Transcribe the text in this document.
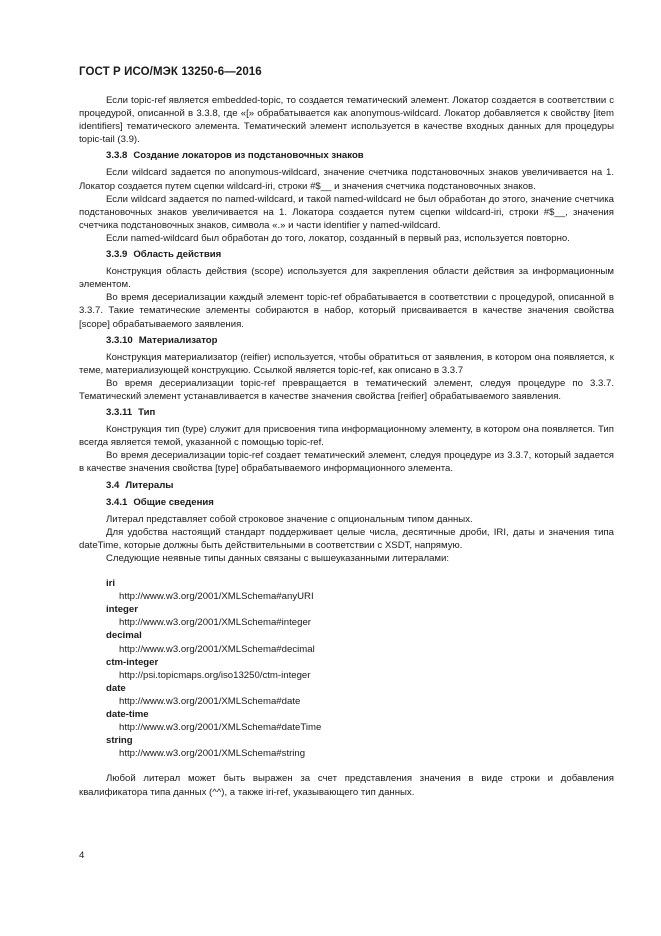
ГОСТ Р ИСО/МЭК 13250-6—2016

Если topic-ref является embedded-topic, то создается тематический элемент. Локатор создается в соответствии с процедурой, описанной в 3.3.8, где «[» обрабатывается как anonymous-wildcard. Локатор добавляется к свойству [item identifiers] тематического элемента. Тематический элемент используется в качестве входных данных для процедуры topic-tail (3.9).

3.3.8 Создание локаторов из подстановочных знаков

Если wildcard задается по anonymous-wildcard, значение счетчика подстановочных знаков увеличивается на 1. Локатор создается путем сцепки wildcard-iri, строки #$__ и значения счетчика подстановочных знаков.

Если wildcard задается по named-wildcard, и такой named-wildcard не был обработан до этого, значение счетчика подстановочных знаков увеличивается на 1. Локатора создается путем сцепки wildcard-iri, строки #$__, значения счетчика подстановочных знаков, символа «.» и части identifier у named-wildcard.

Если named-wildcard был обработан до того, локатор, созданный в первый раз, используется повторно.

3.3.9 Область действия

Конструкция область действия (scope) используется для закрепления области действия за информационным элементом.

Во время десериализации каждый элемент topic-ref обрабатывается в соответствии с процедурой, описанной в 3.3.7. Такие тематические элементы собираются в набор, который присваивается в качестве значения свойства [scope] обрабатываемого заявления.

3.3.10 Материализатор

Конструкция материализатор (reifier) используется, чтобы обратиться от заявления, в котором она появляется, к теме, материализующей конструкцию. Ссылкой является topic-ref, как описано в 3.3.7

Во время десериализации topic-ref превращается в тематический элемент, следуя процедуре по 3.3.7. Тематический элемент устанавливается в качестве значения свойства [reifier] обрабатываемого заявления.

3.3.11 Тип

Конструкция тип (type) служит для присвоения типа информационному элементу, в котором она появляется. Тип всегда является темой, указанной с помощью topic-ref.

Во время десериализации topic-ref создает тематический элемент, следуя процедуре из 3.3.7, который задается в качестве значения свойства [type] обрабатываемого информационного элемента.

3.4 Литералы
3.4.1 Общие сведения

Литерал представляет собой строковое значение с опциональным типом данных.

Для удобства настоящий стандарт поддерживает целые числа, десятичные дроби, IRI, даты и значения типа dateTime, которые должны быть действительными в соответствии с XSDT, напрямую.

Следующие неявные типы данных связаны с вышеуказанными литералами:

iri
http://www.w3.org/2001/XMLSchema#anyURI
integer
http://www.w3.org/2001/XMLSchema#integer
decimal
http://www.w3.org/2001/XMLSchema#decimal
ctm-integer
http://psi.topicmaps.org/iso13250/ctm-integer
date
http://www.w3.org/2001/XMLSchema#date
date-time
http://www.w3.org/2001/XMLSchema#dateTime
string
http://www.w3.org/2001/XMLSchema#string

Любой литерал может быть выражен за счет представления значения в виде строки и добавления квалификатора типа данных (^^), а также iri-ref, указывающего тип данных.

4
